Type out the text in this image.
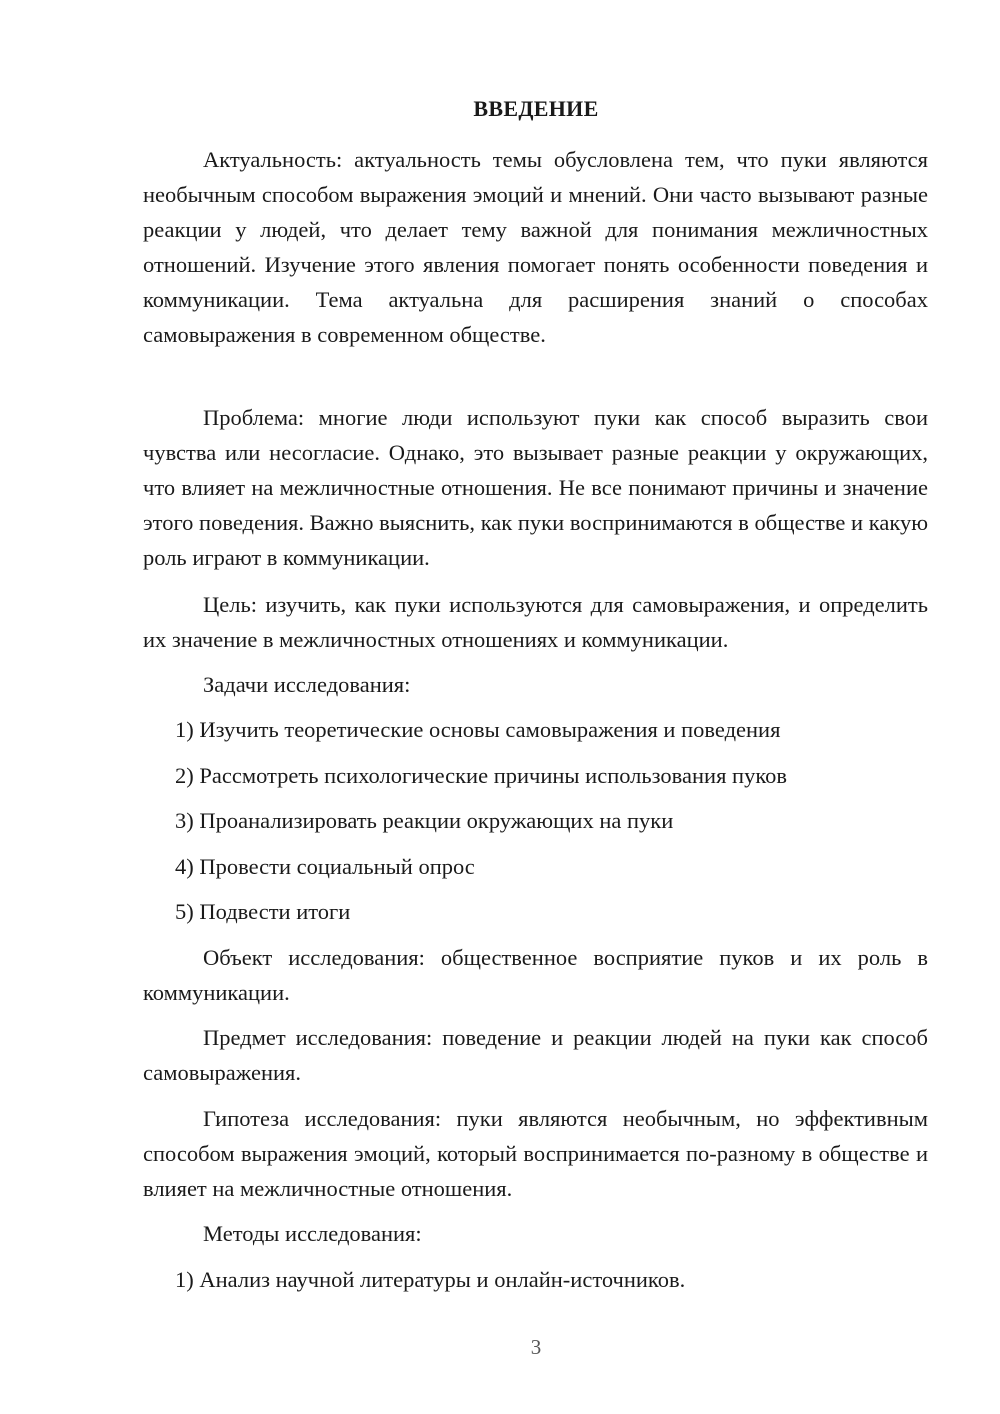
ВВЕДЕНИЕ

Актуальность: актуальность темы обусловлена тем, что пуки являются необычным способом выражения эмоций и мнений. Они часто вызывают разные реакции у людей, что делает тему важной для понимания межличностных отношений. Изучение этого явления помогает понять особенности поведения и коммуникации. Тема актуальна для расширения знаний о способах самовыражения в современном обществе.

Проблема: многие люди используют пуки как способ выразить свои чувства или несогласие. Однако, это вызывает разные реакции у окружающих, что влияет на межличностные отношения. Не все понимают причины и значение этого поведения. Важно выяснить, как пуки воспринимаются в обществе и какую роль играют в коммуникации.

Цель: изучить, как пуки используются для самовыражения, и определить их значение в межличностных отношениях и коммуникации.

Задачи исследования:

1) Изучить теоретические основы самовыражения и поведения

2) Рассмотреть психологические причины использования пуков

3) Проанализировать реакции окружающих на пуки

4) Провести социальный опрос

5) Подвести итоги

Объект исследования: общественное восприятие пуков и их роль в коммуникации.

Предмет исследования: поведение и реакции людей на пуки как способ самовыражения.

Гипотеза исследования: пуки являются необычным, но эффективным способом выражения эмоций, который воспринимается по-разному в обществе и влияет на межличностные отношения.

Методы исследования:

1) Анализ научной литературы и онлайн-источников.

3
